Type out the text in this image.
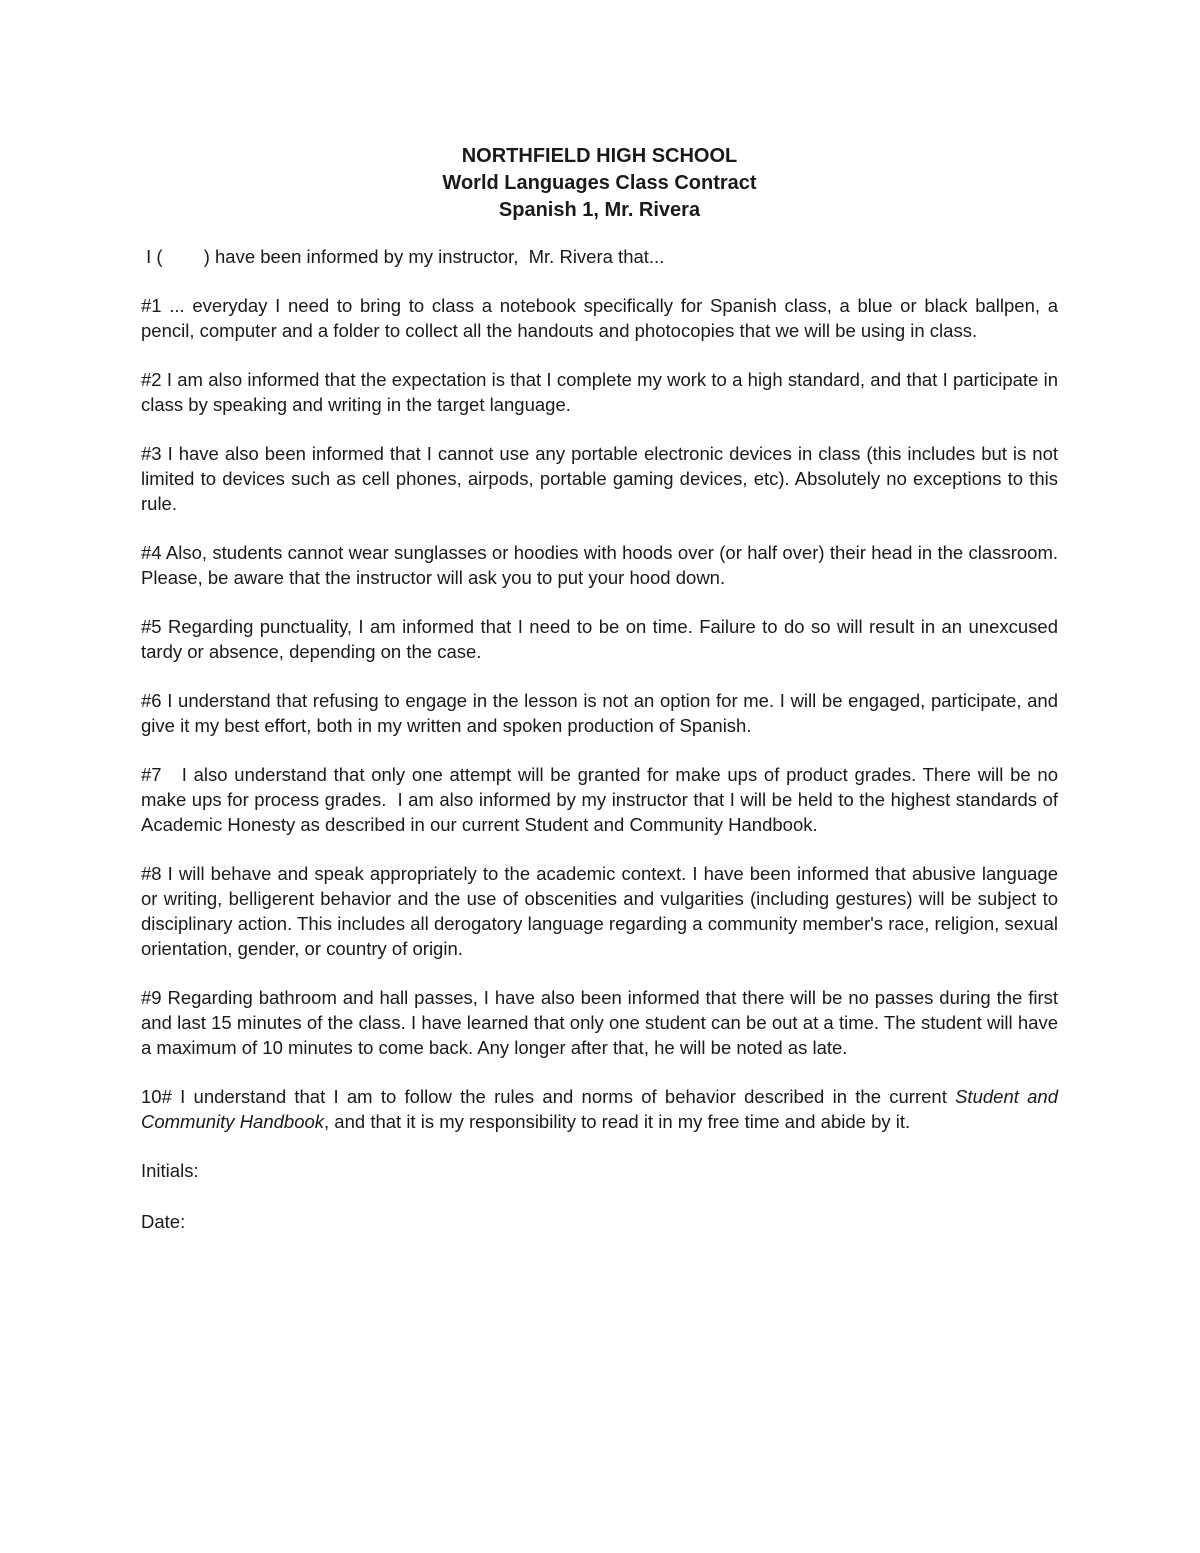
NORTHFIELD HIGH SCHOOL
World Languages Class Contract
Spanish 1, Mr. Rivera

I (        ) have been informed by my instructor,  Mr. Rivera that...

#1 ... everyday I need to bring to class a notebook specifically for Spanish class, a blue or black ballpen, a pencil, computer and a folder to collect all the handouts and photocopies that we will be using in class.

#2 I am also informed that the expectation is that I complete my work to a high standard, and that I participate in class by speaking and writing in the target language.

#3 I have also been informed that I cannot use any portable electronic devices in class (this includes but is not limited to devices such as cell phones, airpods, portable gaming devices, etc). Absolutely no exceptions to this rule.

#4 Also, students cannot wear sunglasses or hoodies with hoods over (or half over) their head in the classroom. Please, be aware that the instructor will ask you to put your hood down.

#5 Regarding punctuality, I am informed that I need to be on time. Failure to do so will result in an unexcused tardy or absence, depending on the case.

#6 I understand that refusing to engage in the lesson is not an option for me. I will be engaged, participate, and give it my best effort, both in my written and spoken production of Spanish.

#7   I also understand that only one attempt will be granted for make ups of product grades. There will be no make ups for process grades.  I am also informed by my instructor that I will be held to the highest standards of Academic Honesty as described in our current Student and Community Handbook.

#8 I will behave and speak appropriately to the academic context. I have been informed that abusive language or writing, belligerent behavior and the use of obscenities and vulgarities (including gestures) will be subject to disciplinary action. This includes all derogatory language regarding a community member's race, religion, sexual orientation, gender, or country of origin.

#9 Regarding bathroom and hall passes, I have also been informed that there will be no passes during the first and last 15 minutes of the class. I have learned that only one student can be out at a time. The student will have a maximum of 10 minutes to come back. Any longer after that, he will be noted as late.

10# I understand that I am to follow the rules and norms of behavior described in the current Student and Community Handbook, and that it is my responsibility to read it in my free time and abide by it.

Initials:

Date:
